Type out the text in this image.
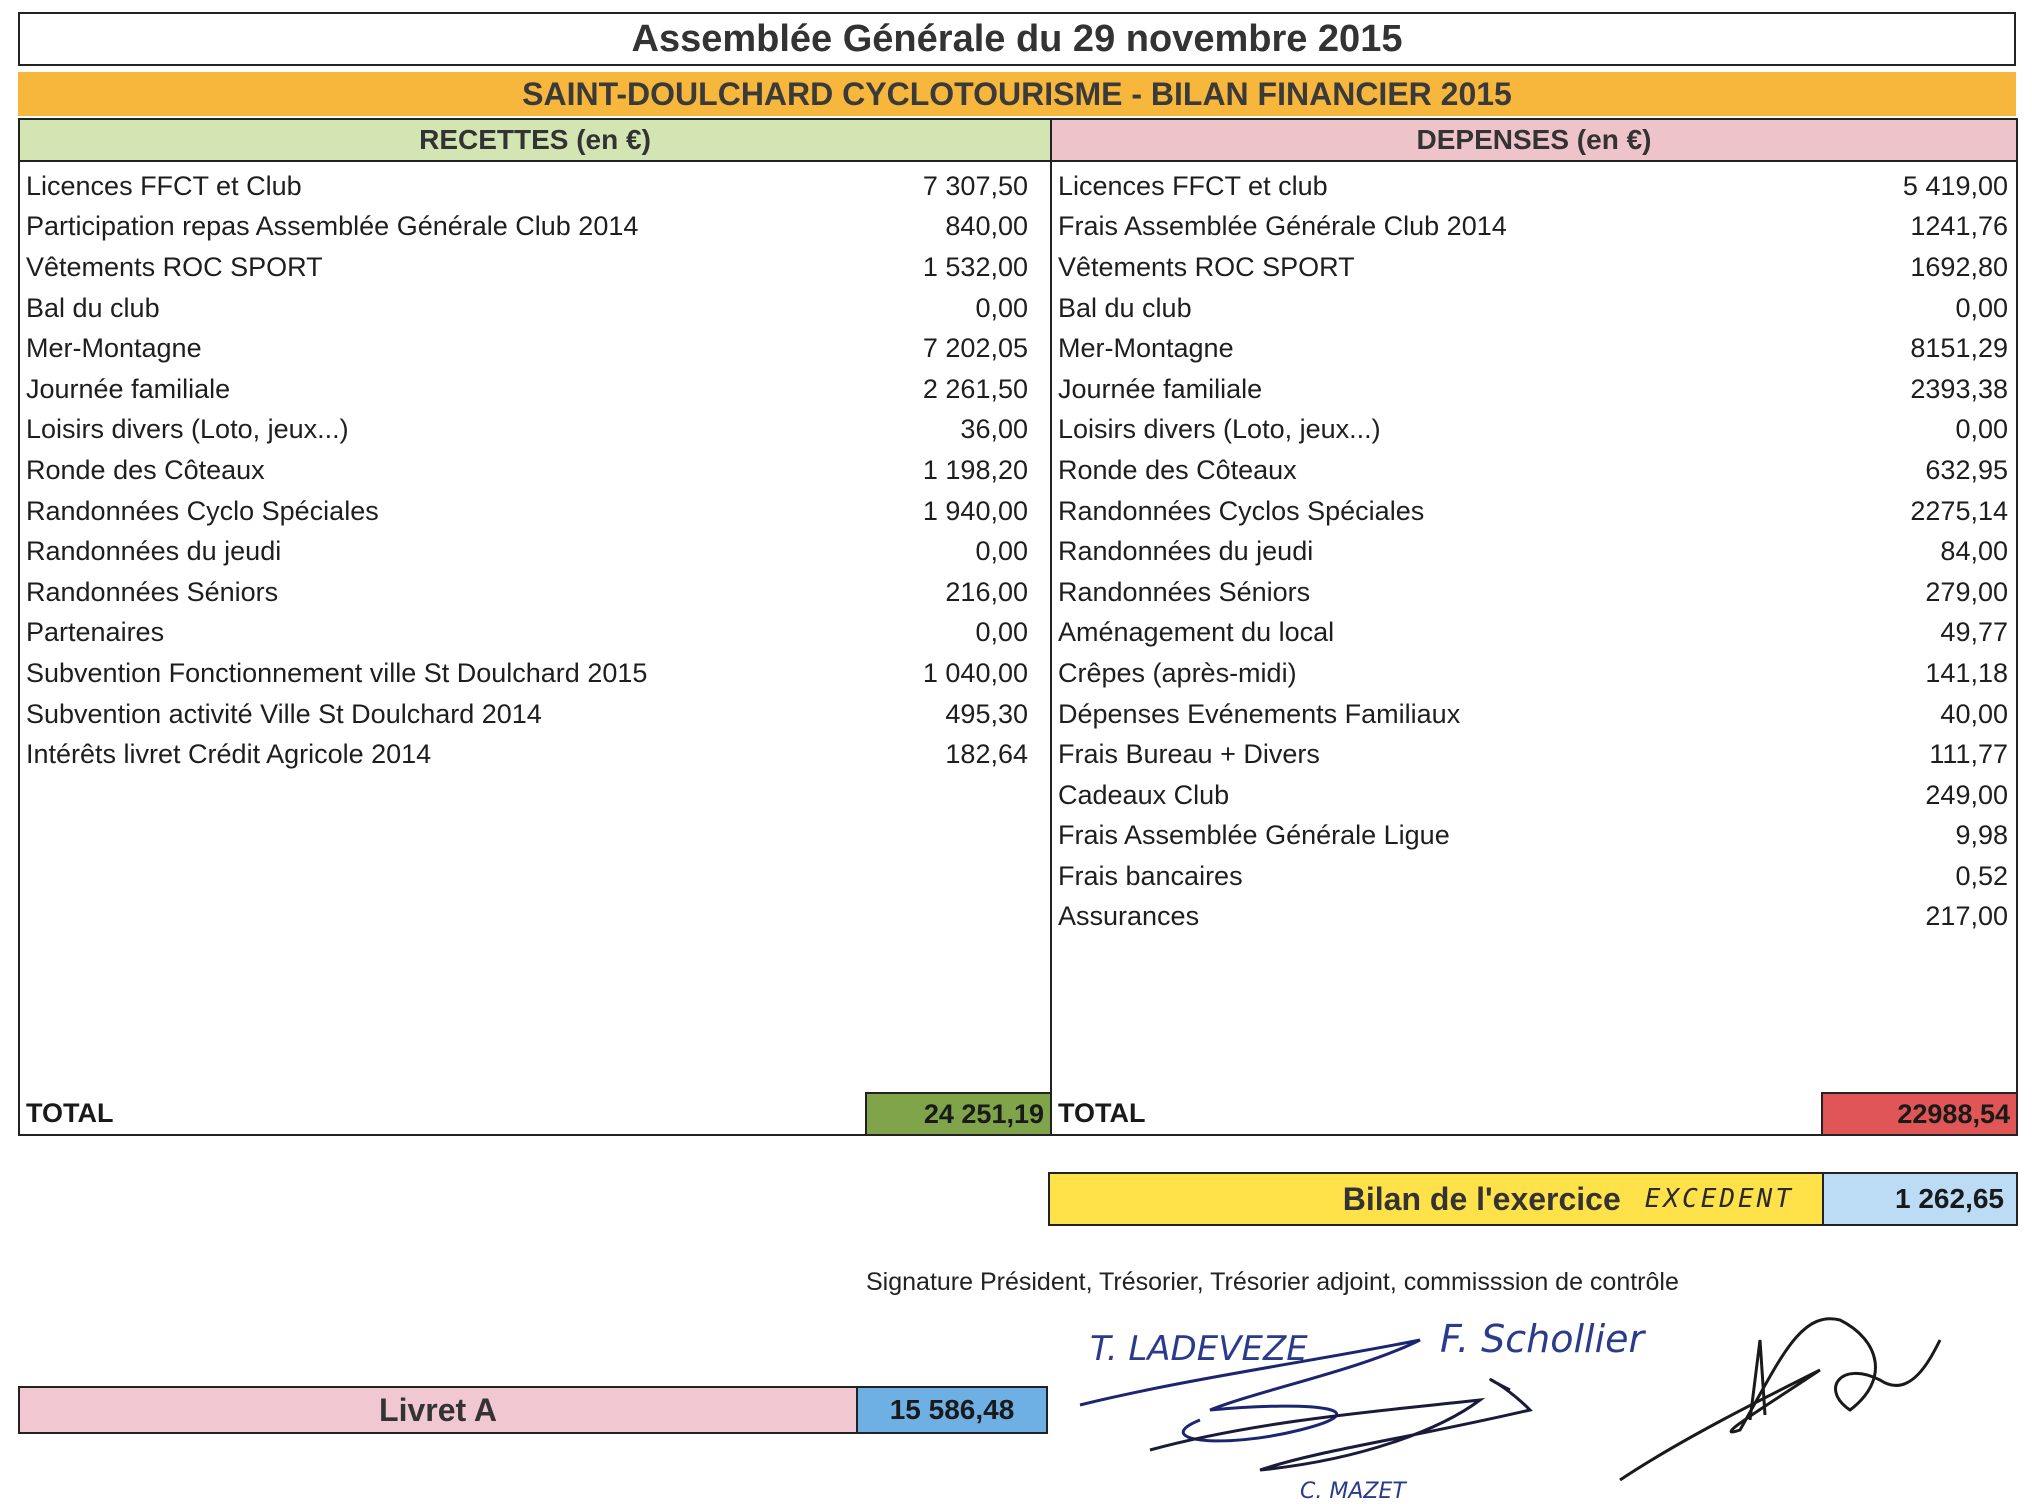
Assemblée Générale du 29 novembre 2015
SAINT-DOULCHARD CYCLOTOURISME - BILAN FINANCIER 2015
RECETTES (en €)
Licences FFCT et Club	7 307,50
Participation repas Assemblée Générale Club 2014	840,00
Vêtements ROC SPORT	1 532,00
Bal du club	0,00
Mer-Montagne	7 202,05
Journée familiale	2 261,50
Loisirs divers (Loto, jeux...)	36,00
Ronde des Côteaux	1 198,20
Randonnées Cyclo Spéciales	1 940,00
Randonnées du jeudi	0,00
Randonnées Séniors	216,00
Partenaires	0,00
Subvention Fonctionnement ville St Doulchard 2015	1 040,00
Subvention activité Ville St Doulchard 2014	495,30
Intérêts livret Crédit Agricole 2014	182,64
TOTAL	24 251,19
DEPENSES (en €)
Licences FFCT et club	5 419,00
Frais Assemblée Générale Club 2014	1241,76
Vêtements ROC SPORT	1692,80
Bal du club	0,00
Mer-Montagne	8151,29
Journée familiale	2393,38
Loisirs divers (Loto, jeux...)	0,00
Ronde des Côteaux	632,95
Randonnées Cyclos Spéciales	2275,14
Randonnées du jeudi	84,00
Randonnées Séniors	279,00
Aménagement du local	49,77
Crêpes (après-midi)	141,18
Dépenses Evénements Familiaux	40,00
Frais Bureau + Divers	111,77
Cadeaux Club	249,00
Frais Assemblée Générale Ligue	9,98
Frais bancaires	0,52
Assurances	217,00
TOTAL	22988,54
Bilan de l'exercice EXCEDENT	1 262,65
Signature Président, Trésorier, Trésorier adjoint, commisssion de contrôle
T. LADEVEZE	F. Schollier
C. MAZET
Livret A	15 586,48
